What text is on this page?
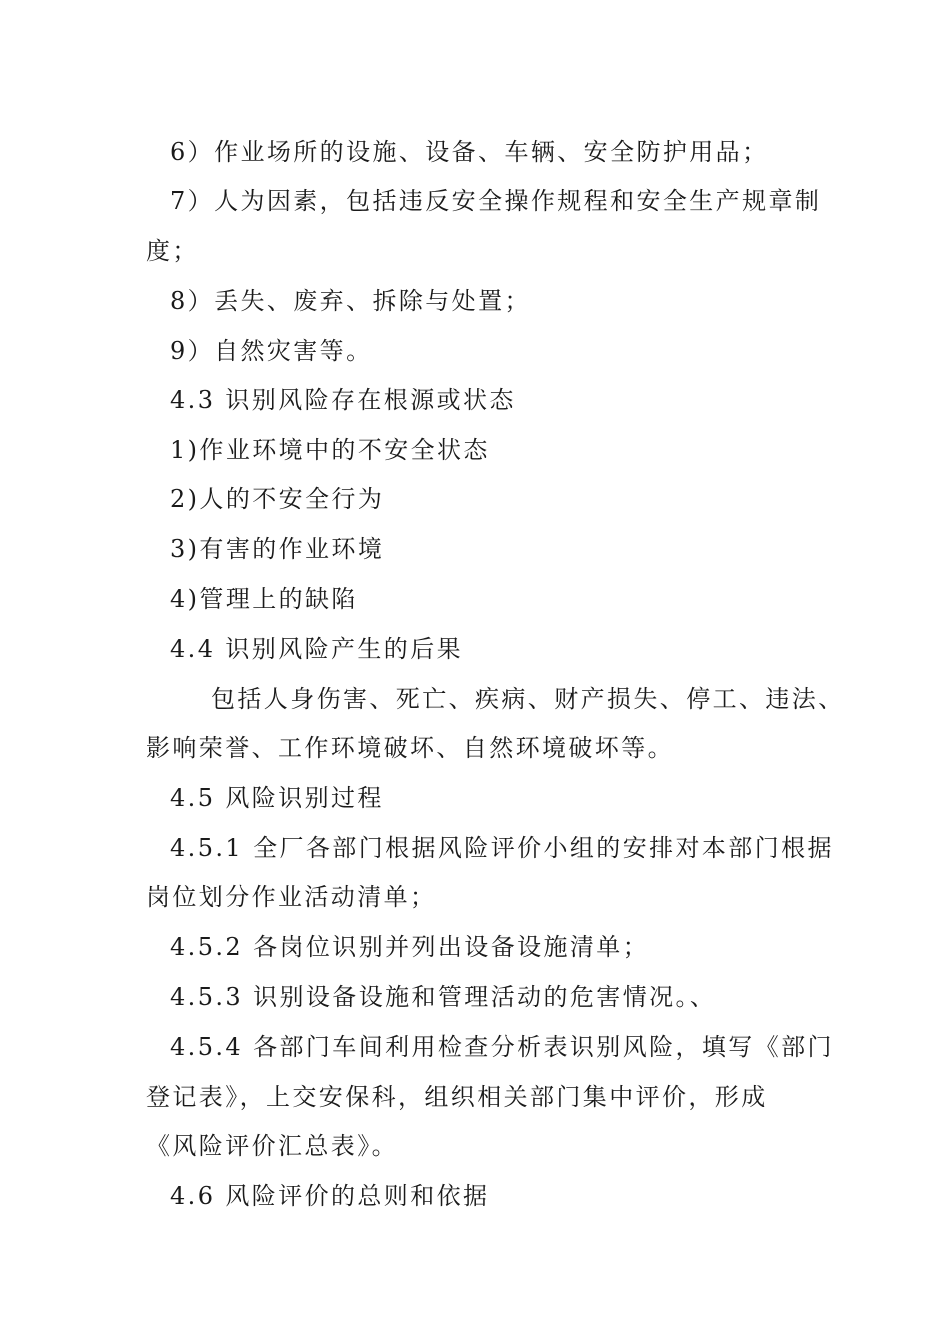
6）作业场所的设施、设备、车辆、安全防护用品；
7）人为因素，包括违反安全操作规程和安全生产规章制
度；
8）丢失、废弃、拆除与处置；
9）自然灾害等。
4.3 识别风险存在根源或状态
1)作业环境中的不安全状态
2)人的不安全行为
3)有害的作业环境
4)管理上的缺陷
4.4 识别风险产生的后果
包括人身伤害、死亡、疾病、财产损失、停工、违法、
影响荣誉、工作环境破坏、自然环境破坏等。
4.5 风险识别过程
4.5.1 全厂各部门根据风险评价小组的安排对本部门根据
岗位划分作业活动清单；
4.5.2 各岗位识别并列出设备设施清单；
4.5.3 识别设备设施和管理活动的危害情况。、
4.5.4 各部门车间利用检查分析表识别风险，填写《部门
登记表》，上交安保科，组织相关部门集中评价，形成
《风险评价汇总表》。
4.6 风险评价的总则和依据
